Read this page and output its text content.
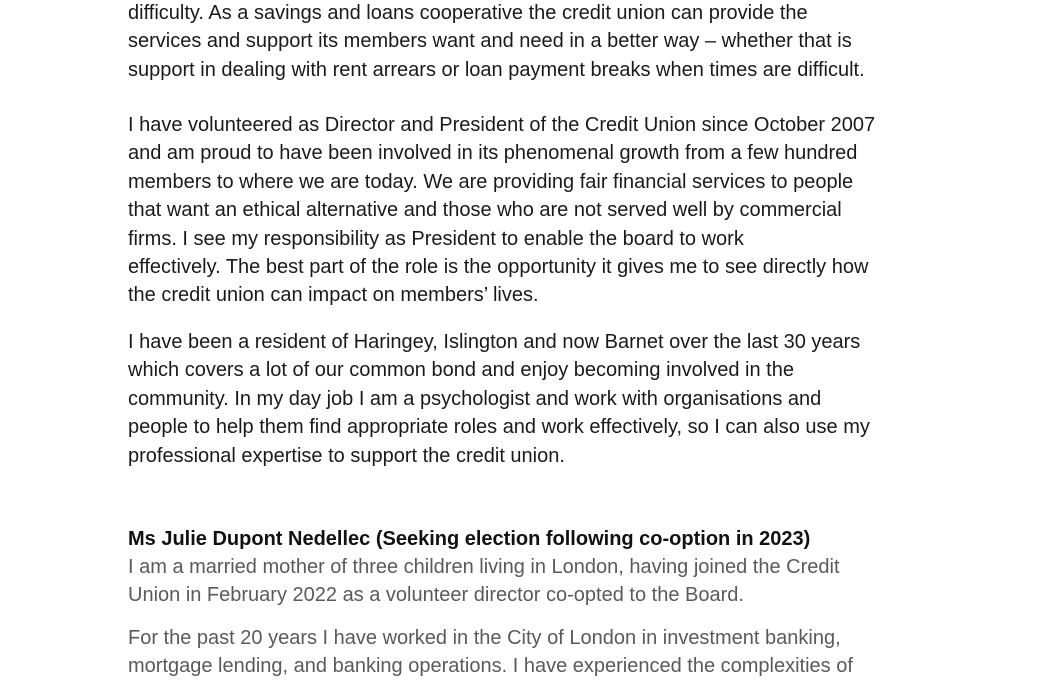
difficulty. As a savings and loans cooperative the credit union can provide the
services and support its members want and need in a better way – whether that is
support in dealing with rent arrears or loan payment breaks when times are difficult.
I have volunteered as Director and President of the Credit Union since October 2007
and am proud to have been involved in its phenomenal growth from a few hundred
members to where we are today. We are providing fair financial services to people
that want an ethical alternative and those who are not served well by commercial
firms. I see my responsibility as President to enable the board to work
effectively. The best part of the role is the opportunity it gives me to see directly how
the credit union can impact on members’ lives.
I have been a resident of Haringey, Islington and now Barnet over the last 30 years
which covers a lot of our common bond and enjoy becoming involved in the
community. In my day job I am a psychologist and work with organisations and
people to help them find appropriate roles and work effectively, so I can also use my
professional expertise to support the credit union.
Ms Julie Dupont Nedellec (Seeking election following co-option in 2023)
I am a married mother of three children living in London, having joined the Credit
Union in February 2022 as a volunteer director co-opted to the Board.
For the past 20 years I have worked in the City of London in investment banking,
mortgage lending, and banking operations. I have experienced the complexities of
